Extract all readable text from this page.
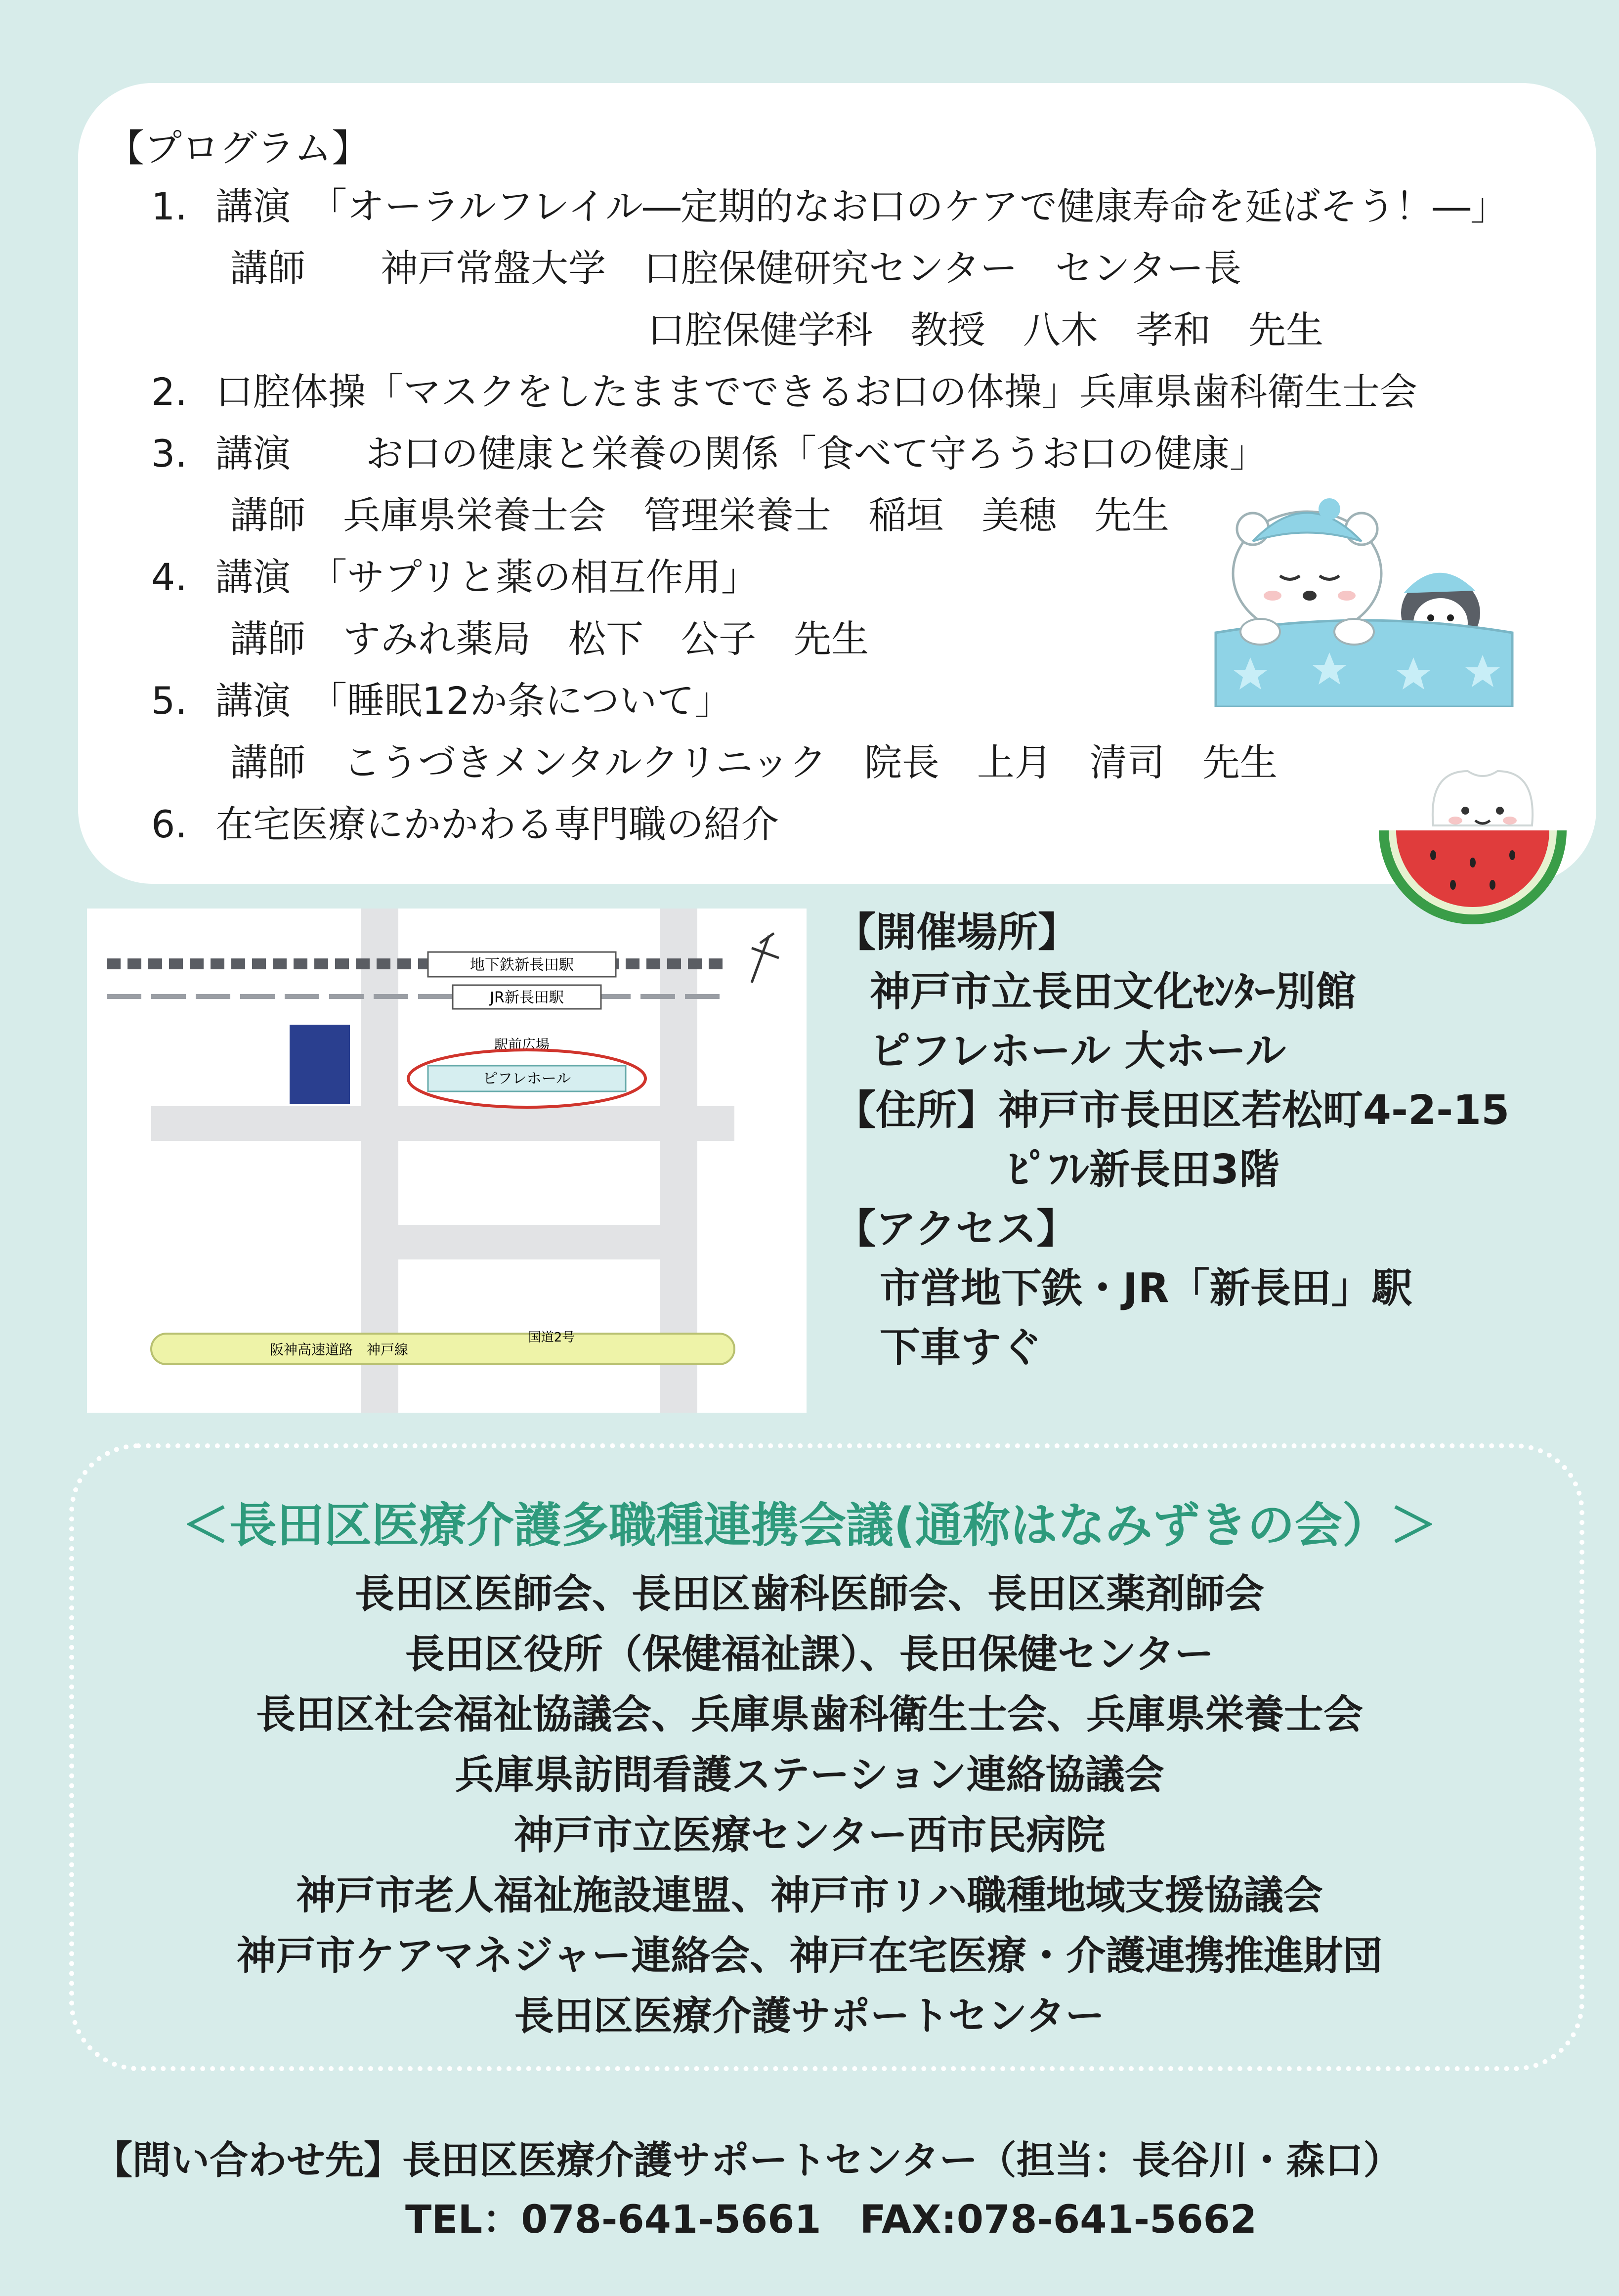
【プログラム】
1. 講演　「オーラルフレイル―定期的なお口のケアで健康寿命を延ばそう！―」
講師　　神戸常盤大学　口腔保健研究センター　センター長
口腔保健学科　教授　八木　孝和　先生
2. 口腔体操「マスクをしたままでできるお口の体操」兵庫県歯科衛生士会
3. 講演　　お口の健康と栄養の関係「食べて守ろうお口の健康」
講師　兵庫県栄養士会　管理栄養士　稲垣　美穂　先生
4. 講演　「サプリと薬の相互作用」
講師　すみれ薬局　松下　公子　先生
5. 講演　「睡眠12か条について」
講師　こうづきメンタルクリニック　院長　上月　清司　先生
6. 在宅医療にかかわる専門職の紹介
地下鉄新長田駅
JR新長田駅
駅前広場
ピフレホール
阪神高速道路　神戸線
国道2号
【開催場所】
神戸市立長田文化ｾﾝﾀｰ別館
ピフレホール 大ホール
【住所】 神戸市長田区若松町4-2-15
ﾋﾟﾌﾚ新長田3階
【アクセス】
市営地下鉄・JR「新長田」駅
下車すぐ
＜長田区医療介護多職種連携会議(通称はなみずきの会）＞
長田区医師会、長田区歯科医師会、長田区薬剤師会
長田区役所（保健福祉課）、長田保健センター
長田区社会福祉協議会、兵庫県歯科衛生士会、兵庫県栄養士会
兵庫県訪問看護ステーション連絡協議会
神戸市立医療センター西市民病院
神戸市老人福祉施設連盟、神戸市リハ職種地域支援協議会
神戸市ケアマネジャー連絡会、神戸在宅医療・介護連携推進財団
長田区医療介護サポートセンター
【問い合わせ先】長田区医療介護サポートセンター（担当：長谷川・森口）
TEL：078-641-5661　FAX:078-641-5662
